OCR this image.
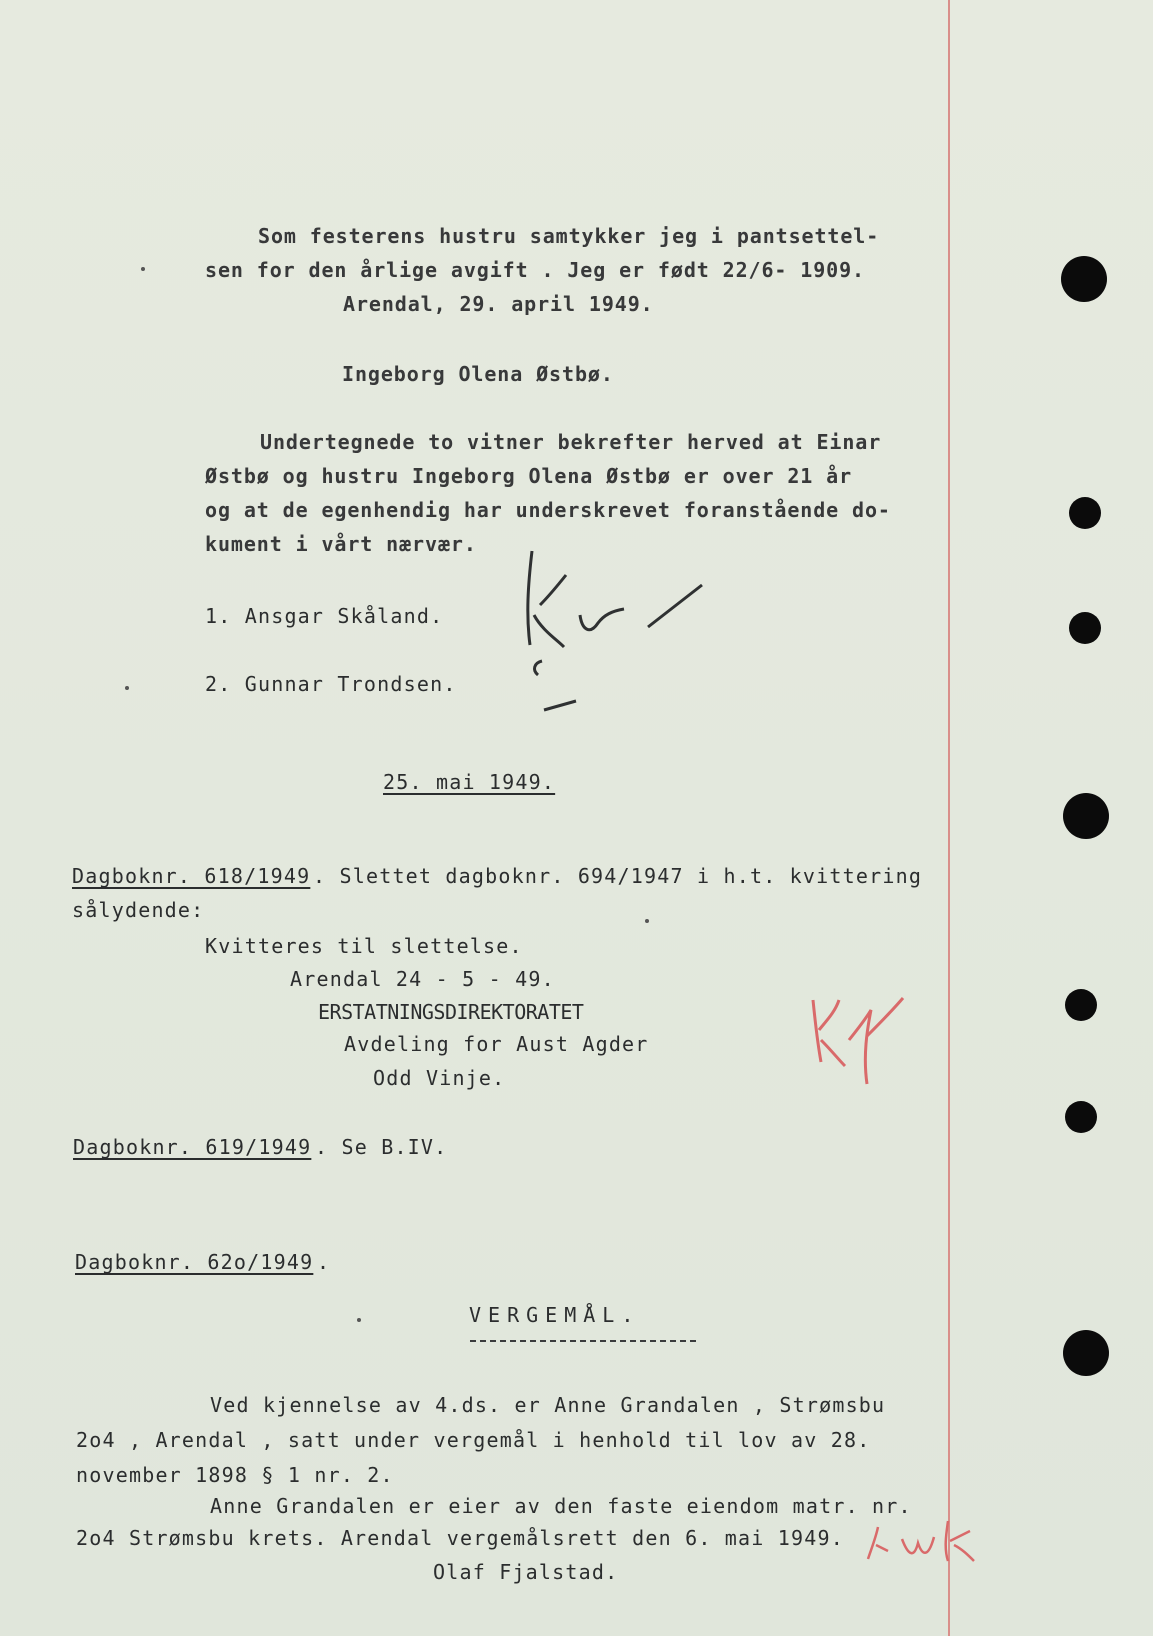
Som festerens hustru samtykker jeg i pantsettel-
sen for den årlige avgift . Jeg er født 22/6- 1909.
Arendal, 29. april 1949.
Ingeborg Olena Østbø.
Undertegnede to vitner bekrefter herved at Einar
Østbø og hustru Ingeborg Olena Østbø er over 21 år
og at de egenhendig har underskrevet foranstående do-
kument i vårt nærvær.
1. Ansgar Skåland.
2. Gunnar Trondsen.
25. mai 1949.
Dagboknr. 618/1949 . Slettet dagboknr. 694/1947 i h.t. kvittering
sålydende:
Kvitteres til slettelse.
Arendal 24 - 5 - 49.
ERSTATNINGSDIREKTORATET
Avdeling for Aust Agder
Odd Vinje.
Dagboknr. 619/1949 . Se B.IV.
Dagboknr. 62o/1949 .
VERGEMÅL.
Ved kjennelse av 4.ds. er Anne Grandalen , Strømsbu
2o4 , Arendal , satt under vergemål i henhold til lov av 28.
november 1898 § 1 nr. 2.
Anne Grandalen er eier av den faste eiendom matr. nr.
2o4 Strømsbu krets. Arendal vergemålsrett den 6. mai 1949.
Olaf Fjalstad.
